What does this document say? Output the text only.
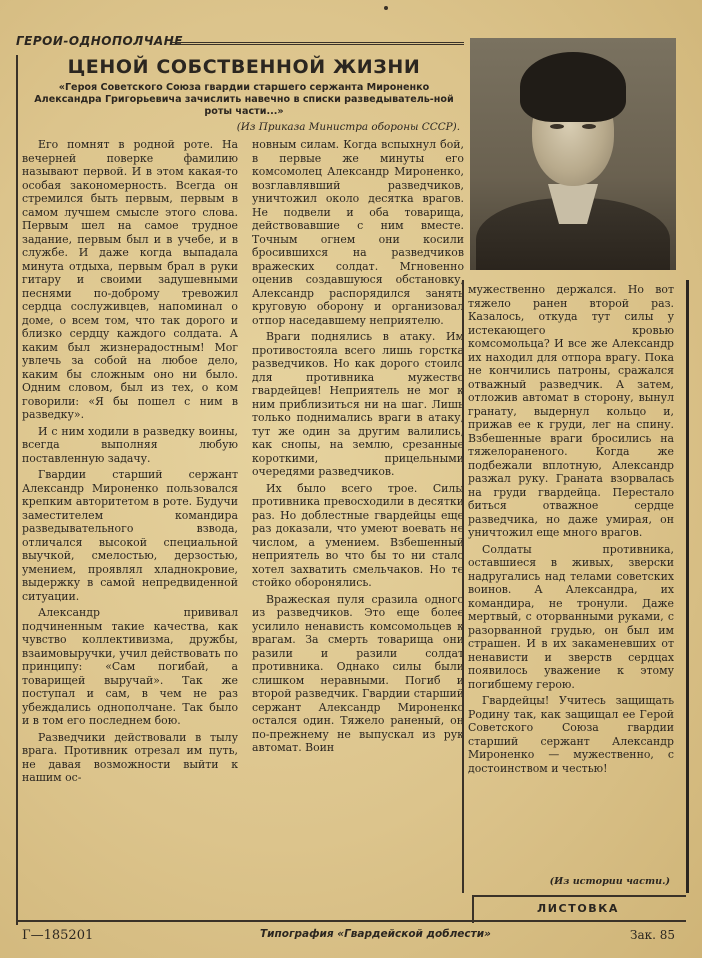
ГЕРОИ-ОДНОПОЛЧАНЕ
ЦЕНОЙ СОБСТВЕННОЙ ЖИЗНИ
«Героя Советского Союза гвардии старшего сержанта Мироненко Александра Григорьевича зачислить навечно в списки разведыватель-ной роты части...»
(Из Приказа Министра обороны СССР).

Его помнят в родной роте. На вечерней поверке фамилию называют первой. И в этом какая-то особая закономерность. Всегда он стремился быть первым, первым в самом лучшем смысле этого слова. Первым шел на самое трудное задание, первым был и в учебе, и в службе. И даже когда выпадала минута отдыха, первым брал в руки гитару и своими задушевными песнями по-доброму тревожил сердца сослуживцев, напоминал о доме, о всем том, что так дорого и близко сердцу каждого солдата. А каким был жизнерадостным! Мог увлечь за собой на любое дело, каким бы сложным оно ни было. Одним словом, был из тех, о ком говорили: «Я бы пошел с ним в разведку».

И с ним ходили в разведку воины, всегда выполняя любую поставленную задачу.

Гвардии старший сержант Александр Мироненко пользовался крепким авторитетом в роте. Будучи заместителем командира разведывательного взвода, отличался высокой специальной выучкой, смелостью, дерзостью, умением, проявлял хладнокровие, выдержку в самой непредвиденной ситуации.

Александр прививал подчиненным такие качества, как чувство коллективизма, дружбы, взаимовыручки, учил действовать по принципу: «Сам погибай, а товарищей выручай». Так же поступал и сам, в чем не раз убеждались однополчане. Так было и в том его последнем бою.

Разведчики действовали в тылу врага. Противник отрезал им путь, не давая возможности выйти к нашим ос-

новным силам. Когда вспыхнул бой, в первые же минуты его комсомолец Александр Мироненко, возглавлявший разведчиков, уничтожил около десятка врагов. Не подвели и оба товарища, действовавшие с ним вместе. Точным огнем они косили бросившихся на разведчиков вражеских солдат. Мгновенно оценив создавшуюся обстановку, Александр распорядился занять круговую оборону и организовал отпор наседавшему неприятелю.

Враги поднялись в атаку. Им противостояла всего лишь горстка разведчиков. Но как дорого стоило для противника мужество гвардейцев! Неприятель не мог к ним приблизиться ни на шаг. Лишь только поднимались враги в атаку, тут же один за другим валились, как снопы, на землю, срезанные короткими, прицельными очередями разведчиков.

Их было всего трое. Силы противника превосходили в десятки раз. Но доблестные гвардейцы еще раз доказали, что умеют воевать не числом, а умением. Взбешенный неприятель во что бы то ни стало хотел захватить смельчаков. Но те стойко оборонялись.

Вражеская пуля сразила одного из разведчиков. Это еще более усилило ненависть комсомольцев к врагам. За смерть товарища они разили и разили солдат противника. Однако силы были слишком неравными. Погиб и второй разведчик. Гвардии старший сержант Александр Мироненко остался один. Тяжело раненый, он по-прежнему не выпускал из рук автомат. Воин

мужественно держался. Но вот тяжело ранен второй раз. Казалось, откуда тут силы у истекающего кровью комсомольца? И все же Александр их находил для отпора врагу. Пока не кончились патроны, сражался отважный разведчик. А затем, отложив автомат в сторону, вынул гранату, выдернул кольцо и, прижав ее к груди, лег на спину. Взбешенные враги бросились на тяжелораненого. Когда же подбежали вплотную, Александр разжал руку. Граната взорвалась на груди гвардейца. Перестало биться отважное сердце разведчика, но даже умирая, он уничтожил еще много врагов.

Солдаты противника, оставшиеся в живых, зверски надругались над телами советских воинов. А Александра, их командира, не тронули. Даже мертвый, с оторванными руками, с разорванной грудью, он был им страшен. И в их закаменевших от ненависти и зверств сердцах появилось уважение к этому погибшему герою.

Гвардейцы! Учитесь защищать Родину так, как защищал ее Герой Советского Союза гвардии старший сержант Александр Мироненко — мужественно, с достоинством и честью!

(Из истории части.)
ЛИСТОВКА
Г—185201	Типография «Гвардейской доблести»	Зак. 85
